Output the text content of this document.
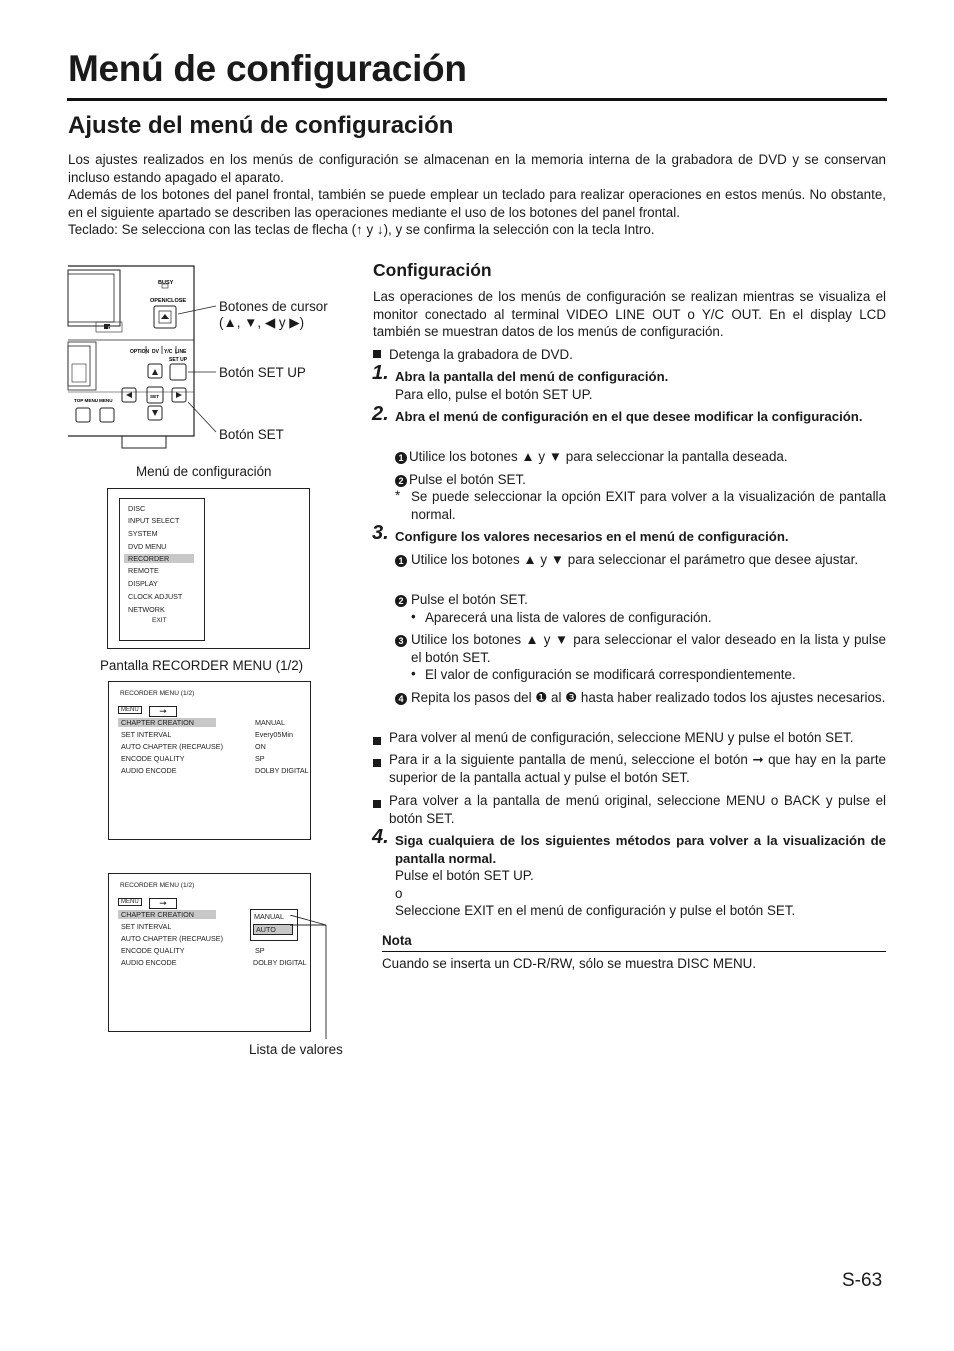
Menú de configuración
Ajuste del menú de configuración

Los ajustes realizados en los menús de configuración se almacenan en la memoria interna de la grabadora de DVD y se conservan incluso estando apagado el aparato.

Además de los botones del panel frontal, también se puede emplear un teclado para realizar operaciones en estos menús. No obstante, en el siguiente apartado se describen las operaciones mediante el uso de los botones del panel frontal.

Teclado: Se selecciona con las teclas de flecha (↑ y ↓), y se confirma la selección con la tecla Intro.

BUSY
OPEN/CLOSE
OPTION DV Y/C LINE
SET UP
SET
TOP MENU MENU
DOLBY
Botones de cursor
(▲, ▼, ◀ y ▶)
Botón SET UP
Botón SET
Menú de configuración
DISC
INPUT SELECT
SYSTEM
DVD MENU
RECORDER
REMOTE
DISPLAY
CLOCK ADJUST
NETWORK
EXIT
Pantalla RECORDER MENU (1/2)
RECORDER MENU (1/2)
MENU	➞
CHAPTER CREATION
SET INTERVAL
AUTO CHAPTER (RECPAUSE)
ENCODE QUALITY
AUDIO ENCODE
MANUAL
Every05Min
ON
SP
DOLBY DIGITAL
RECORDER MENU (1/2)
MENU	➞
CHAPTER CREATION
SET INTERVAL
AUTO CHAPTER (RECPAUSE)
ENCODE QUALITY
AUDIO ENCODE
MANUAL
AUTO
SP
DOLBY DIGITAL
Lista de valores
Configuración
Las operaciones de los menús de configuración se realizan mientras se visualiza el monitor conectado al terminal VIDEO LINE OUT o Y/C OUT. En el display LCD también se muestran datos de los menús de configuración.
Detenga la grabadora de DVD.
1. Abra la pantalla del menú de configuración.
Para ello, pulse el botón SET UP.
2. Abra el menú de configuración en el que desee modificar la configuración.
1 Utilice los botones ▲ y ▼ para seleccionar la pantalla deseada.
2 Pulse el botón SET.
* Se puede seleccionar la opción EXIT para volver a la visualización de pantalla normal.
3. Configure los valores necesarios en el menú de configuración.
1 Utilice los botones ▲ y ▼ para seleccionar el parámetro que desee ajustar.
2 Pulse el botón SET.
• Aparecerá una lista de valores de configuración.
3 Utilice los botones ▲ y ▼ para seleccionar el valor deseado en la lista y pulse el botón SET.
• El valor de configuración se modificará correspondientemente.
4 Repita los pasos del ❶ al ❸ hasta haber realizado todos los ajustes necesarios.
Para volver al menú de configuración, seleccione MENU y pulse el botón SET.
Para ir a la siguiente pantalla de menú, seleccione el botón ➞ que hay en la parte superior de la pantalla actual y pulse el botón SET.
Para volver a la pantalla de menú original, seleccione MENU o BACK y pulse el botón SET.
4. Siga cualquiera de los siguientes métodos para volver a la visualización de pantalla normal.
Pulse el botón SET UP.
o
Seleccione EXIT en el menú de configuración y pulse el botón SET.
Nota
Cuando se inserta un CD-R/RW, sólo se muestra DISC MENU.
S-63
